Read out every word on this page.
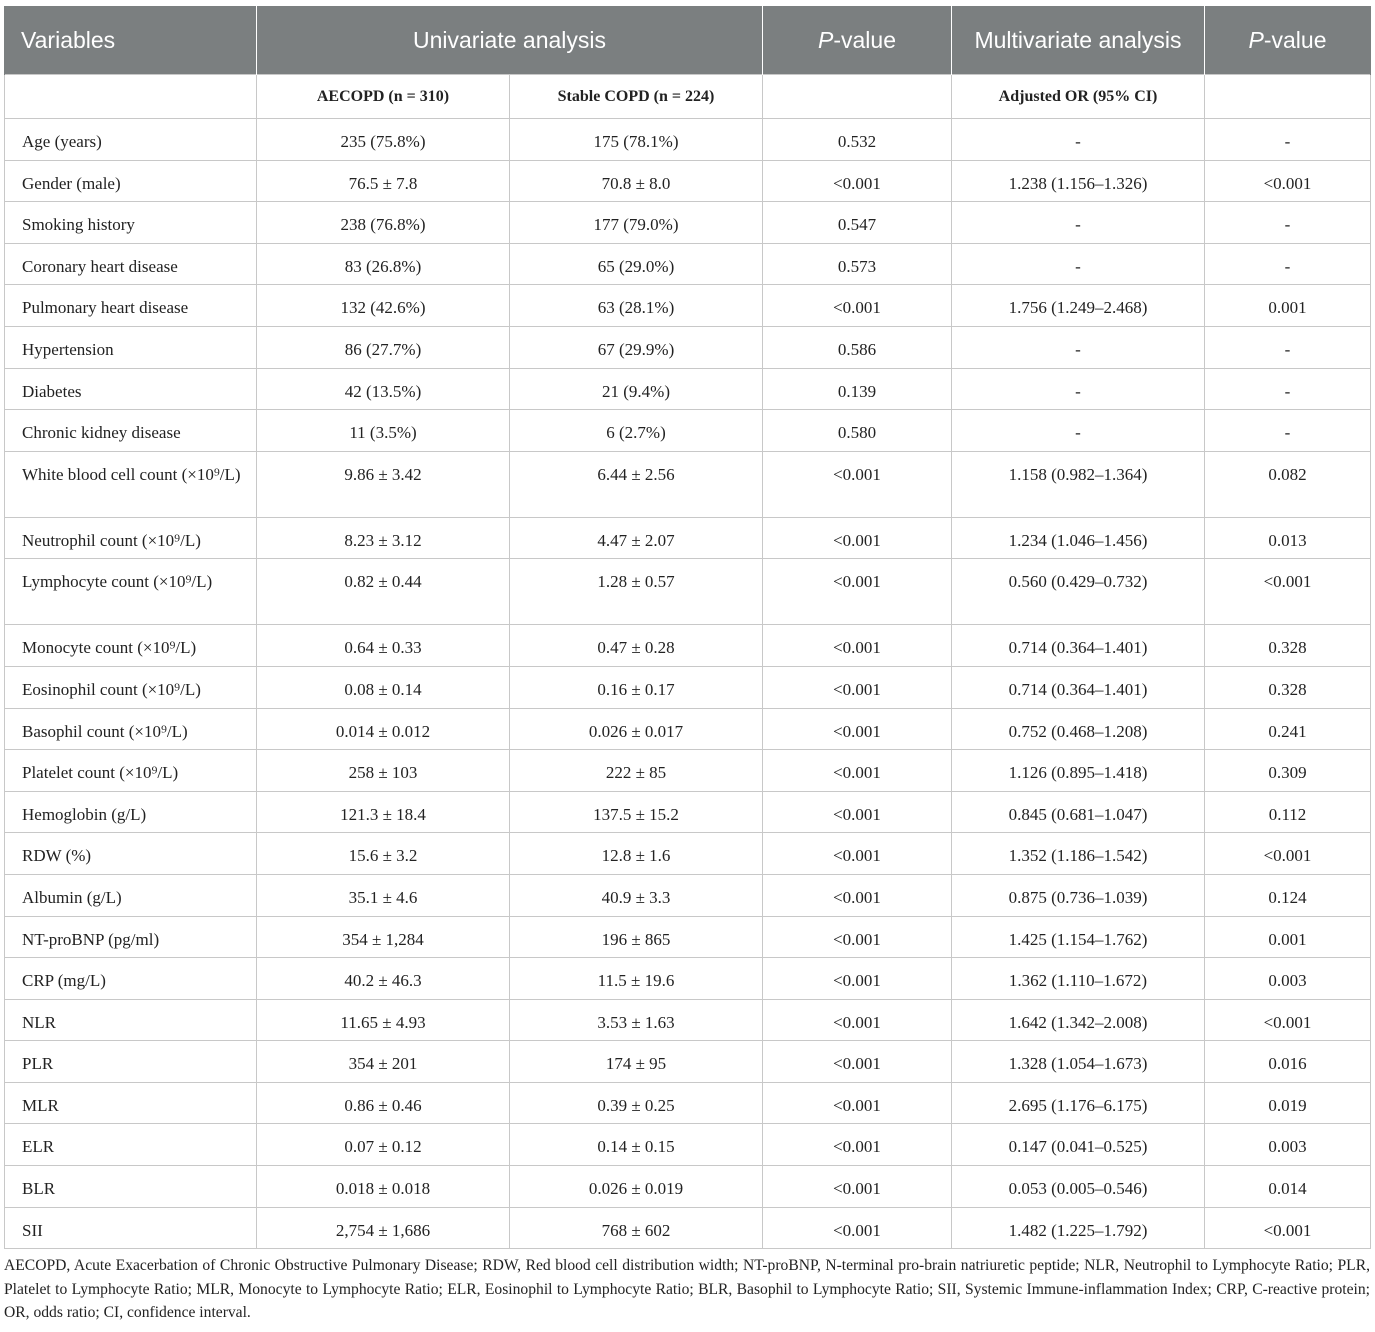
Variables	Univariate analysis		P-value	Multivariate analysis	P-value
	AECOPD (n = 310)	Stable COPD (n = 224)		Adjusted OR (95% CI)	
Age (years)	235 (75.8%)	175 (78.1%)	0.532	-	-
Gender (male)	76.5 ± 7.8	70.8 ± 8.0	<0.001	1.238 (1.156–1.326)	<0.001
Smoking history	238 (76.8%)	177 (79.0%)	0.547	-	-
Coronary heart disease	83 (26.8%)	65 (29.0%)	0.573	-	-
Pulmonary heart disease	132 (42.6%)	63 (28.1%)	<0.001	1.756 (1.249–2.468)	0.001
Hypertension	86 (27.7%)	67 (29.9%)	0.586	-	-
Diabetes	42 (13.5%)	21 (9.4%)	0.139	-	-
Chronic kidney disease	11 (3.5%)	6 (2.7%)	0.580	-	-
White blood cell count (×10⁹/L)	9.86 ± 3.42	6.44 ± 2.56	<0.001	1.158 (0.982–1.364)	0.082
Neutrophil count (×10⁹/L)	8.23 ± 3.12	4.47 ± 2.07	<0.001	1.234 (1.046–1.456)	0.013
Lymphocyte count (×10⁹/L)	0.82 ± 0.44	1.28 ± 0.57	<0.001	0.560 (0.429–0.732)	<0.001
Monocyte count (×10⁹/L)	0.64 ± 0.33	0.47 ± 0.28	<0.001	0.714 (0.364–1.401)	0.328
Eosinophil count (×10⁹/L)	0.08 ± 0.14	0.16 ± 0.17	<0.001	0.714 (0.364–1.401)	0.328
Basophil count (×10⁹/L)	0.014 ± 0.012	0.026 ± 0.017	<0.001	0.752 (0.468–1.208)	0.241
Platelet count (×10⁹/L)	258 ± 103	222 ± 85	<0.001	1.126 (0.895–1.418)	0.309
Hemoglobin (g/L)	121.3 ± 18.4	137.5 ± 15.2	<0.001	0.845 (0.681–1.047)	0.112
RDW (%)	15.6 ± 3.2	12.8 ± 1.6	<0.001	1.352 (1.186–1.542)	<0.001
Albumin (g/L)	35.1 ± 4.6	40.9 ± 3.3	<0.001	0.875 (0.736–1.039)	0.124
NT-proBNP (pg/ml)	354 ± 1,284	196 ± 865	<0.001	1.425 (1.154–1.762)	0.001
CRP (mg/L)	40.2 ± 46.3	11.5 ± 19.6	<0.001	1.362 (1.110–1.672)	0.003
NLR	11.65 ± 4.93	3.53 ± 1.63	<0.001	1.642 (1.342–2.008)	<0.001
PLR	354 ± 201	174 ± 95	<0.001	1.328 (1.054–1.673)	0.016
MLR	0.86 ± 0.46	0.39 ± 0.25	<0.001	2.695 (1.176–6.175)	0.019
ELR	0.07 ± 0.12	0.14 ± 0.15	<0.001	0.147 (0.041–0.525)	0.003
BLR	0.018 ± 0.018	0.026 ± 0.019	<0.001	0.053 (0.005–0.546)	0.014
SII	2,754 ± 1,686	768 ± 602	<0.001	1.482 (1.225–1.792)	<0.001
AECOPD, Acute Exacerbation of Chronic Obstructive Pulmonary Disease; RDW, Red blood cell distribution width; NT-proBNP, N-terminal pro-brain natriuretic peptide; NLR, Neutrophil to Lymphocyte Ratio; PLR, Platelet to Lymphocyte Ratio; MLR, Monocyte to Lymphocyte Ratio; ELR, Eosinophil to Lymphocyte Ratio; BLR, Basophil to Lymphocyte Ratio; SII, Systemic Immune-inflammation Index; CRP, C-reactive protein; OR, odds ratio; CI, confidence interval.
